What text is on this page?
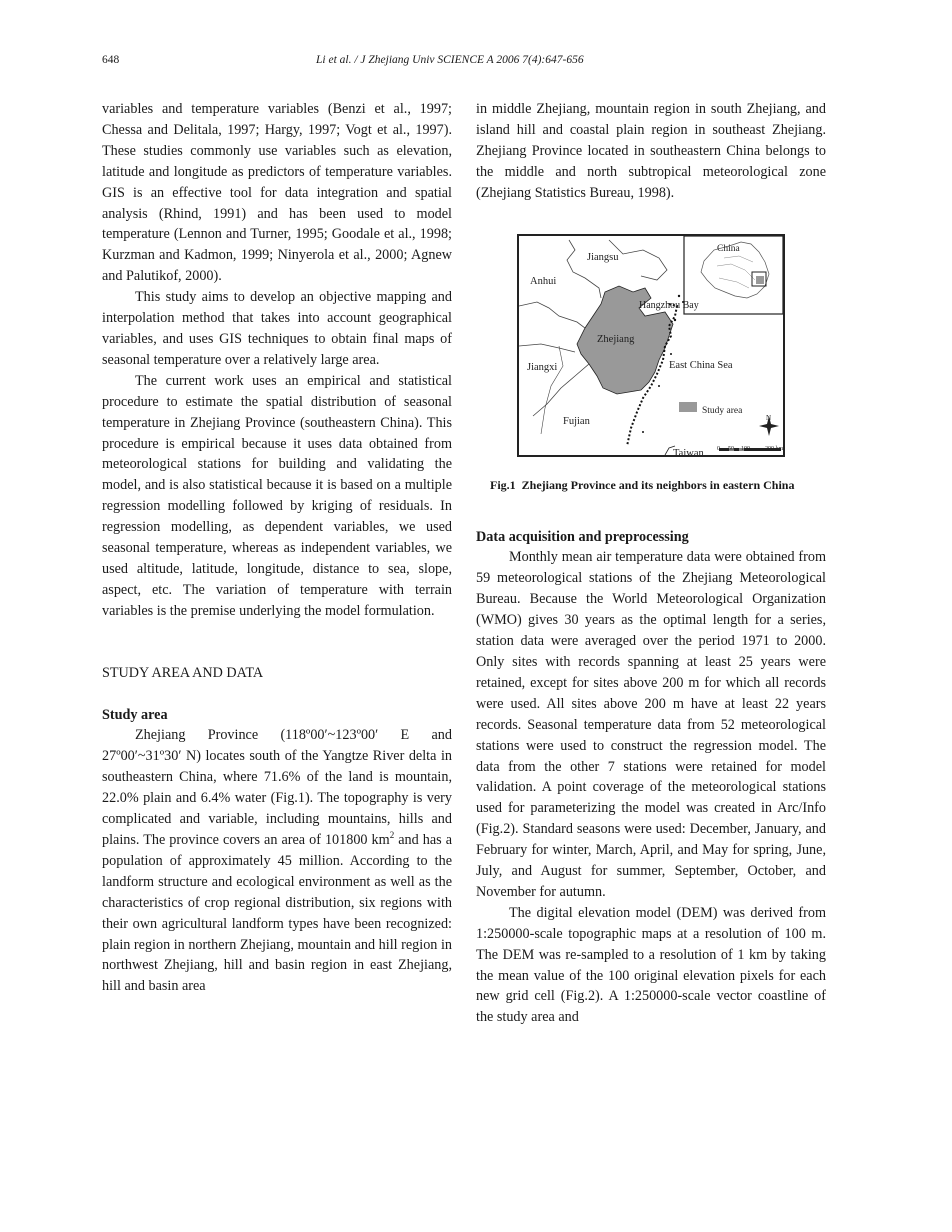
648	Li et al. / J Zhejiang Univ SCIENCE A 2006 7(4):647-656

variables and temperature variables (Benzi et al., 1997; Chessa and Delitala, 1997; Hargy, 1997; Vogt et al., 1997). These studies commonly use variables such as elevation, latitude and longitude as predictors of temperature variables. GIS is an effective tool for data integration and spatial analysis (Rhind, 1991) and has been used to model temperature (Lennon and Turner, 1995; Goodale et al., 1998; Kurzman and Kadmon, 1999; Ninyerola et al., 2000; Agnew and Palutikof, 2000).

This study aims to develop an objective mapping and interpolation method that takes into account geographical variables, and uses GIS techniques to obtain final maps of seasonal temperature over a relatively large area.

The current work uses an empirical and statistical procedure to estimate the spatial distribution of seasonal temperature in Zhejiang Province (southeastern China). This procedure is empirical because it uses data obtained from meteorological stations for building and validating the model, and is also statistical because it is based on a multiple regression modelling followed by kriging of residuals. In regression modelling, as dependent variables, we used seasonal temperature, whereas as independent variables, we used altitude, latitude, longitude, distance to sea, slope, aspect, etc. The variation of temperature with terrain variables is the premise underlying the model formulation.

STUDY AREA AND DATA
Study area

Zhejiang Province (118º00′~123º00′ E and 27º00′~31º30′ N) locates south of the Yangtze River delta in southeastern China, where 71.6% of the land is mountain, 22.0% plain and 6.4% water (Fig.1). The topography is very complicated and variable, including mountains, hills and plains. The province covers an area of 101800 $km^2$ and has a population of approximately 45 million. According to the landform structure and ecological environment as well as the characteristics of crop regional distribution, six regions with their own agricultural landform types have been recognized: plain region in northern Zhejiang, mountain and hill region in northwest Zhejiang, hill and basin region in east Zhejiang, hill and basin area

in middle Zhejiang, mountain region in south Zhejiang, and island hill and coastal plain region in southeast Zhejiang. Zhejiang Province located in southeastern China belongs to the middle and north subtropical meteorological zone (Zhejiang Statistics Bureau, 1998).

Jiangsu
Anhui
Hangzhou Bay
Zhejiang
Jiangxi	East China Sea
Fujian
Taiwan
China
Study area
N
0 50 100	200 km
Fig.1 Zhejiang Province and its neighbors in eastern China
Data acquisition and preprocessing

Monthly mean air temperature data were obtained from 59 meteorological stations of the Zhejiang Meteorological Bureau. Because the World Meteorological Organization (WMO) gives 30 years as the optimal length for a series, station data were averaged over the period 1971 to 2000. Only sites with records spanning at least 25 years were retained, except for sites above 200 m for which all records were used. All sites above 200 m have at least 22 years records. Seasonal temperature data from 52 meteorological stations were used to construct the regression model. The data from the other 7 stations were retained for model validation. A point coverage of the meteorological stations used for parameterizing the model was created in Arc/Info (Fig.2). Standard seasons were used: December, January, and February for winter, March, April, and May for spring, June, July, and August for summer, September, October, and November for autumn.

The digital elevation model (DEM) was derived from 1:250000-scale topographic maps at a resolution of 100 m. The DEM was re-sampled to a resolution of 1 km by taking the mean value of the 100 original elevation pixels for each new grid cell (Fig.2). A 1:250000-scale vector coastline of the study area and
